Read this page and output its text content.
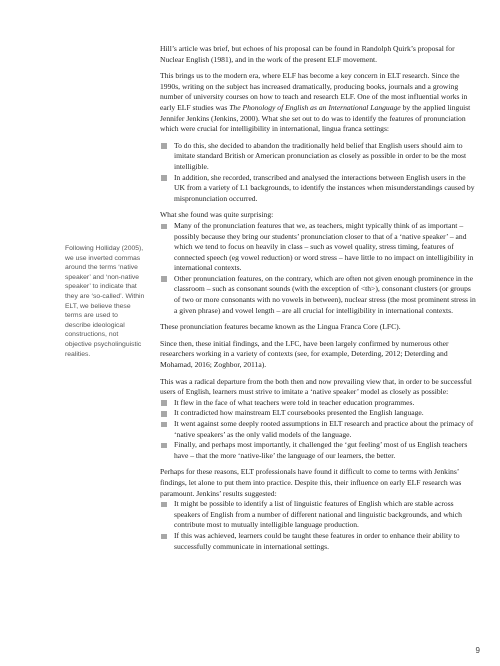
Following Holliday (2005), we use inverted commas around the terms ‘native speaker’ and ‘non-native speaker’ to indicate that they are ‘so-called’. Within ELT, we believe these terms are used to describe ideological constructions, not objective psycholinguistic realities.

Hill’s article was brief, but echoes of his proposal can be found in Randolph Quirk’s proposal for Nuclear English (1981), and in the work of the present ELF movement.

This brings us to the modern era, where ELF has become a key concern in ELT research. Since the 1990s, writing on the subject has increased dramatically, producing books, journals and a growing number of university courses on how to teach and research ELF. One of the most influential works in early ELF studies was The Phonology of English as an International Language by the applied linguist Jennifer Jenkins (Jenkins, 2000). What she set out to do was to identify the features of pronunciation which were crucial for intelligibility in international, lingua franca settings:

To do this, she decided to abandon the traditionally held belief that English users should aim to imitate standard British or American pronunciation as closely as possible in order to be the most intelligible.
In addition, she recorded, transcribed and analysed the interactions between English users in the UK from a variety of L1 backgrounds, to identify the instances when misunderstandings caused by mispronunciation occurred.

What she found was quite surprising:

Many of the pronunciation features that we, as teachers, might typically think of as important – possibly because they bring our students’ pronunciation closer to that of a ‘native speaker’ – and which we tend to focus on heavily in class – such as vowel quality, stress timing, features of connected speech (eg vowel reduction) or word stress – have little to no impact on intelligibility in international contexts.
Other pronunciation features, on the contrary, which are often not given enough prominence in the classroom – such as consonant sounds (with the exception of <th>), consonant clusters (or groups of two or more consonants with no vowels in between), nuclear stress (the most prominent stress in a given phrase) and vowel length – are all crucial for intelligibility in international contexts.

These pronunciation features became known as the Lingua Franca Core (LFC).

Since then, these initial findings, and the LFC, have been largely confirmed by numerous other researchers working in a variety of contexts (see, for example, Deterding, 2012; Deterding and Mohamad, 2016; Zoghbor, 2011a).

This was a radical departure from the both then and now prevailing view that, in order to be successful users of English, learners must strive to imitate a ‘native speaker’ model as closely as possible:

It flew in the face of what teachers were told in teacher education programmes.
It contradicted how mainstream ELT coursebooks presented the English language.
It went against some deeply rooted assumptions in ELT research and practice about the primacy of ‘native speakers’ as the only valid models of the language.
Finally, and perhaps most importantly, it challenged the ‘gut feeling’ most of us English teachers have – that the more ‘native-like’ the language of our learners, the better.

Perhaps for these reasons, ELT professionals have found it difficult to come to terms with Jenkins’ findings, let alone to put them into practice. Despite this, their influence on early ELF research was paramount. Jenkins’ results suggested:

It might be possible to identify a list of linguistic features of English which are stable across speakers of English from a number of different national and linguistic backgrounds, and which contribute most to mutually intelligible language production.
If this was achieved, learners could be taught these features in order to enhance their ability to successfully communicate in international settings.
9
